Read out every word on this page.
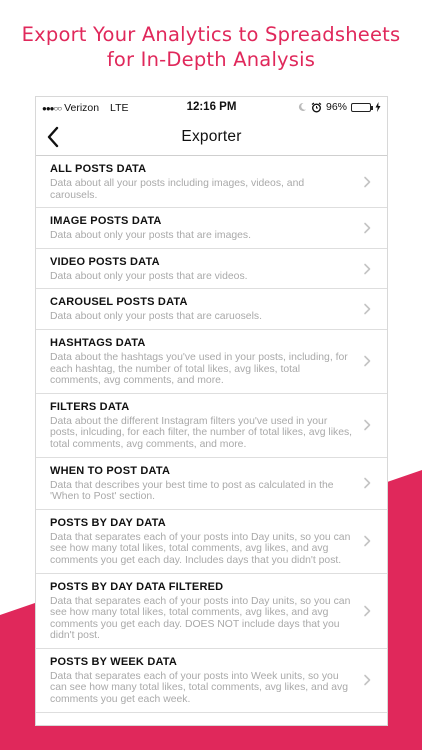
Export Your Analytics to Spreadsheets
for In-Depth Analysis
●●●○○ Verizon LTE	12:16 PM	96%
Exporter
ALL POSTS DATA
Data about all your posts including images, videos, and carousels.
IMAGE POSTS DATA
Data about only your posts that are images.
VIDEO POSTS DATA
Data about only your posts that are videos.
CAROUSEL POSTS DATA
Data about only your posts that are caruosels.
HASHTAGS DATA
Data about the hashtags you've used in your posts, including, for each hashtag, the number of total likes, avg likes, total comments, avg comments, and more.
FILTERS DATA
Data about the different Instagram filters you've used in your posts, inlcuding, for each filter, the number of total likes, avg likes, total comments, avg comments, and more.
WHEN TO POST DATA
Data that describes your best time to post as calculated in the 'When to Post' section.
POSTS BY DAY DATA
Data that separates each of your posts into Day units, so you can see how many total likes, total comments, avg likes, and avg comments you get each day. Includes days that you didn't post.
POSTS BY DAY DATA FILTERED
Data that separates each of your posts into Day units, so you can see how many total likes, total comments, avg likes, and avg comments you get each day. DOES NOT include days that you didn't post.
POSTS BY WEEK DATA
Data that separates each of your posts into Week units, so you can see how many total likes, total comments, avg likes, and avg comments you get each week.
